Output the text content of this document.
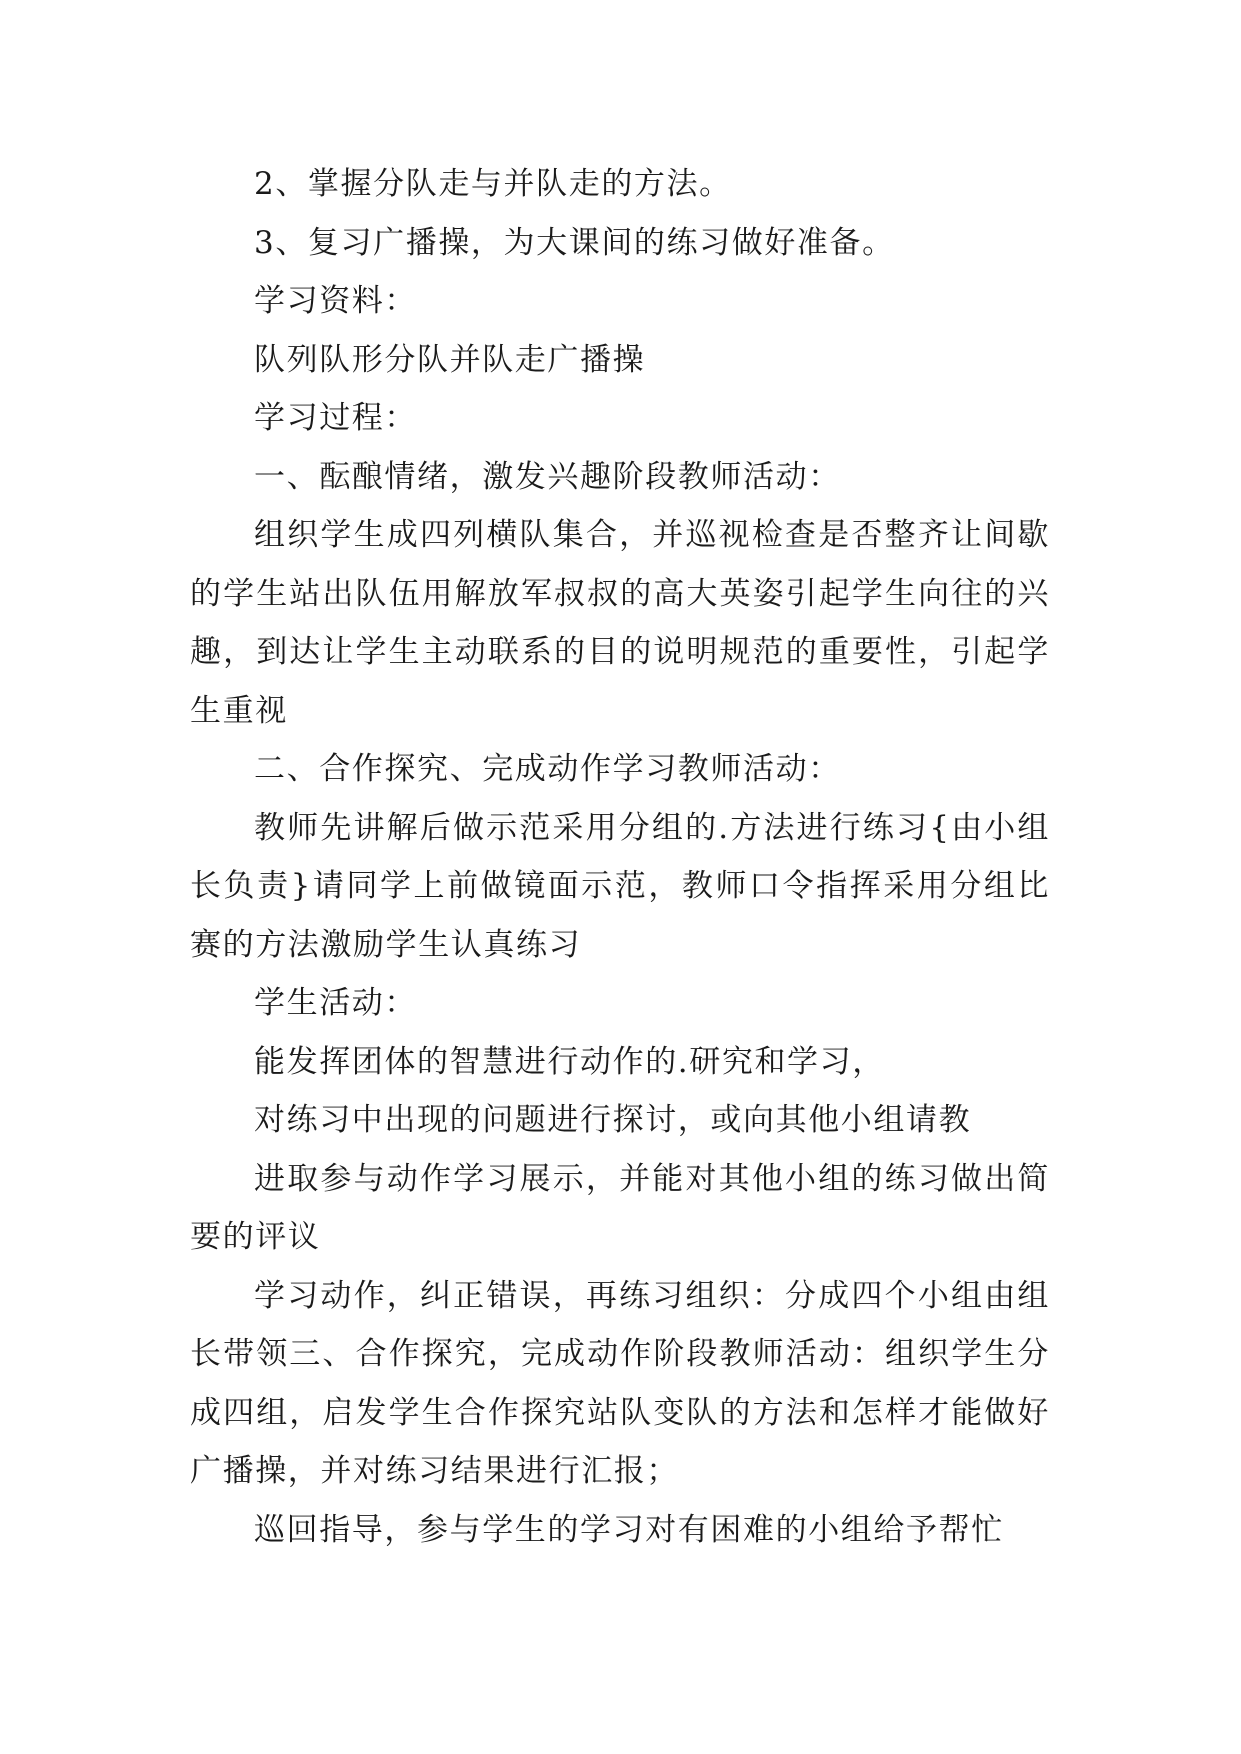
2、掌握分队走与并队走的方法。

3、复习广播操，为大课间的练习做好准备。

学习资料：

队列队形分队并队走广播操

学习过程：

一、酝酿情绪，激发兴趣阶段教师活动：

组织学生成四列横队集合，并巡视检查是否整齐让间歇的学生站出队伍用解放军叔叔的高大英姿引起学生向往的兴趣，到达让学生主动联系的目的说明规范的重要性，引起学生重视

二、合作探究、完成动作学习教师活动：

教师先讲解后做示范采用分组的.方法进行练习{由小组长负责}请同学上前做镜面示范，教师口令指挥采用分组比赛的方法激励学生认真练习

学生活动：

能发挥团体的智慧进行动作的.研究和学习，

对练习中出现的问题进行探讨，或向其他小组请教

进取参与动作学习展示，并能对其他小组的练习做出简要的评议

学习动作，纠正错误，再练习组织：分成四个小组由组长带领三、合作探究，完成动作阶段教师活动：组织学生分成四组，启发学生合作探究站队变队的方法和怎样才能做好广播操，并对练习结果进行汇报；

巡回指导，参与学生的学习对有困难的小组给予帮忙
